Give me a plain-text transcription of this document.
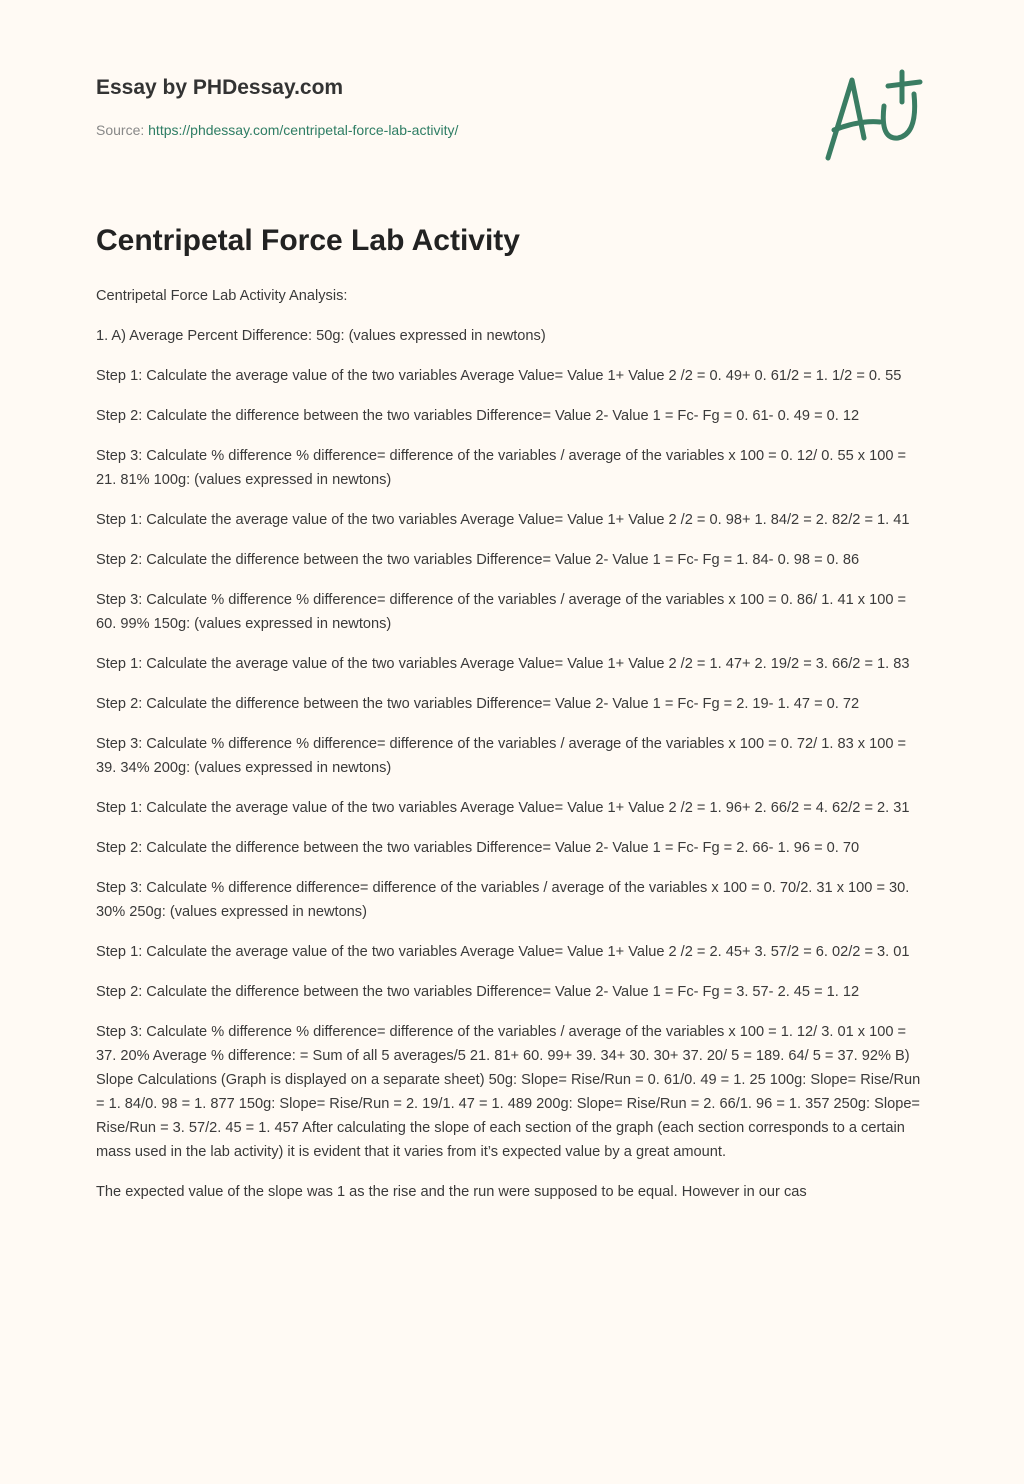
Essay by PHDessay.com
Source: https://phdessay.com/centripetal-force-lab-activity/
Centripetal Force Lab Activity

Centripetal Force Lab Activity Analysis:

1. A) Average Percent Difference: 50g: (values expressed in newtons)

Step 1: Calculate the average value of the two variables Average Value= Value 1+ Value 2 /2 = 0. 49+ 0. 61/2 = 1. 1/2 = 0. 55

Step 2: Calculate the difference between the two variables Difference= Value 2- Value 1 = Fc- Fg = 0. 61- 0. 49 = 0. 12

Step 3: Calculate % difference % difference= difference of the variables / average of the variables x 100 = 0. 12/ 0. 55 x 100 = 21. 81% 100g: (values expressed in newtons)

Step 1: Calculate the average value of the two variables Average Value= Value 1+ Value 2 /2 = 0. 98+ 1. 84/2 = 2. 82/2 = 1. 41

Step 2: Calculate the difference between the two variables Difference= Value 2- Value 1 = Fc- Fg = 1. 84- 0. 98 = 0. 86

Step 3: Calculate % difference % difference= difference of the variables / average of the variables x 100 = 0. 86/ 1. 41 x 100 = 60. 99% 150g: (values expressed in newtons)

Step 1: Calculate the average value of the two variables Average Value= Value 1+ Value 2 /2 = 1. 47+ 2. 19/2 = 3. 66/2 = 1. 83

Step 2: Calculate the difference between the two variables Difference= Value 2- Value 1 = Fc- Fg = 2. 19- 1. 47 = 0. 72

Step 3: Calculate % difference % difference= difference of the variables / average of the variables x 100 = 0. 72/ 1. 83 x 100 = 39. 34% 200g: (values expressed in newtons)

Step 1: Calculate the average value of the two variables Average Value= Value 1+ Value 2 /2 = 1. 96+ 2. 66/2 = 4. 62/2 = 2. 31

Step 2: Calculate the difference between the two variables Difference= Value 2- Value 1 = Fc- Fg = 2. 66- 1. 96 = 0. 70

Step 3: Calculate % difference difference= difference of the variables / average of the variables x 100 = 0. 70/2. 31 x 100 = 30. 30% 250g: (values expressed in newtons)

Step 1: Calculate the average value of the two variables Average Value= Value 1+ Value 2 /2 = 2. 45+ 3. 57/2 = 6. 02/2 = 3. 01

Step 2: Calculate the difference between the two variables Difference= Value 2- Value 1 = Fc- Fg = 3. 57- 2. 45 = 1. 12

Step 3: Calculate % difference % difference= difference of the variables / average of the variables x 100 = 1. 12/ 3. 01 x 100 = 37. 20% Average % difference: = Sum of all 5 averages/5 21. 81+ 60. 99+ 39. 34+ 30. 30+ 37. 20/ 5 = 189. 64/ 5 = 37. 92% B) Slope Calculations (Graph is displayed on a separate sheet) 50g: Slope= Rise/Run = 0. 61/0. 49 = 1. 25 100g: Slope= Rise/Run = 1. 84/0. 98 = 1. 877 150g: Slope= Rise/Run = 2. 19/1. 47 = 1. 489 200g: Slope= Rise/Run = 2. 66/1. 96 = 1. 357 250g: Slope= Rise/Run = 3. 57/2. 45 = 1. 457 After calculating the slope of each section of the graph (each section corresponds to a certain mass used in the lab activity) it is evident that it varies from it’s expected value by a great amount.

The expected value of the slope was 1 as the rise and the run were supposed to be equal. However in our cas
